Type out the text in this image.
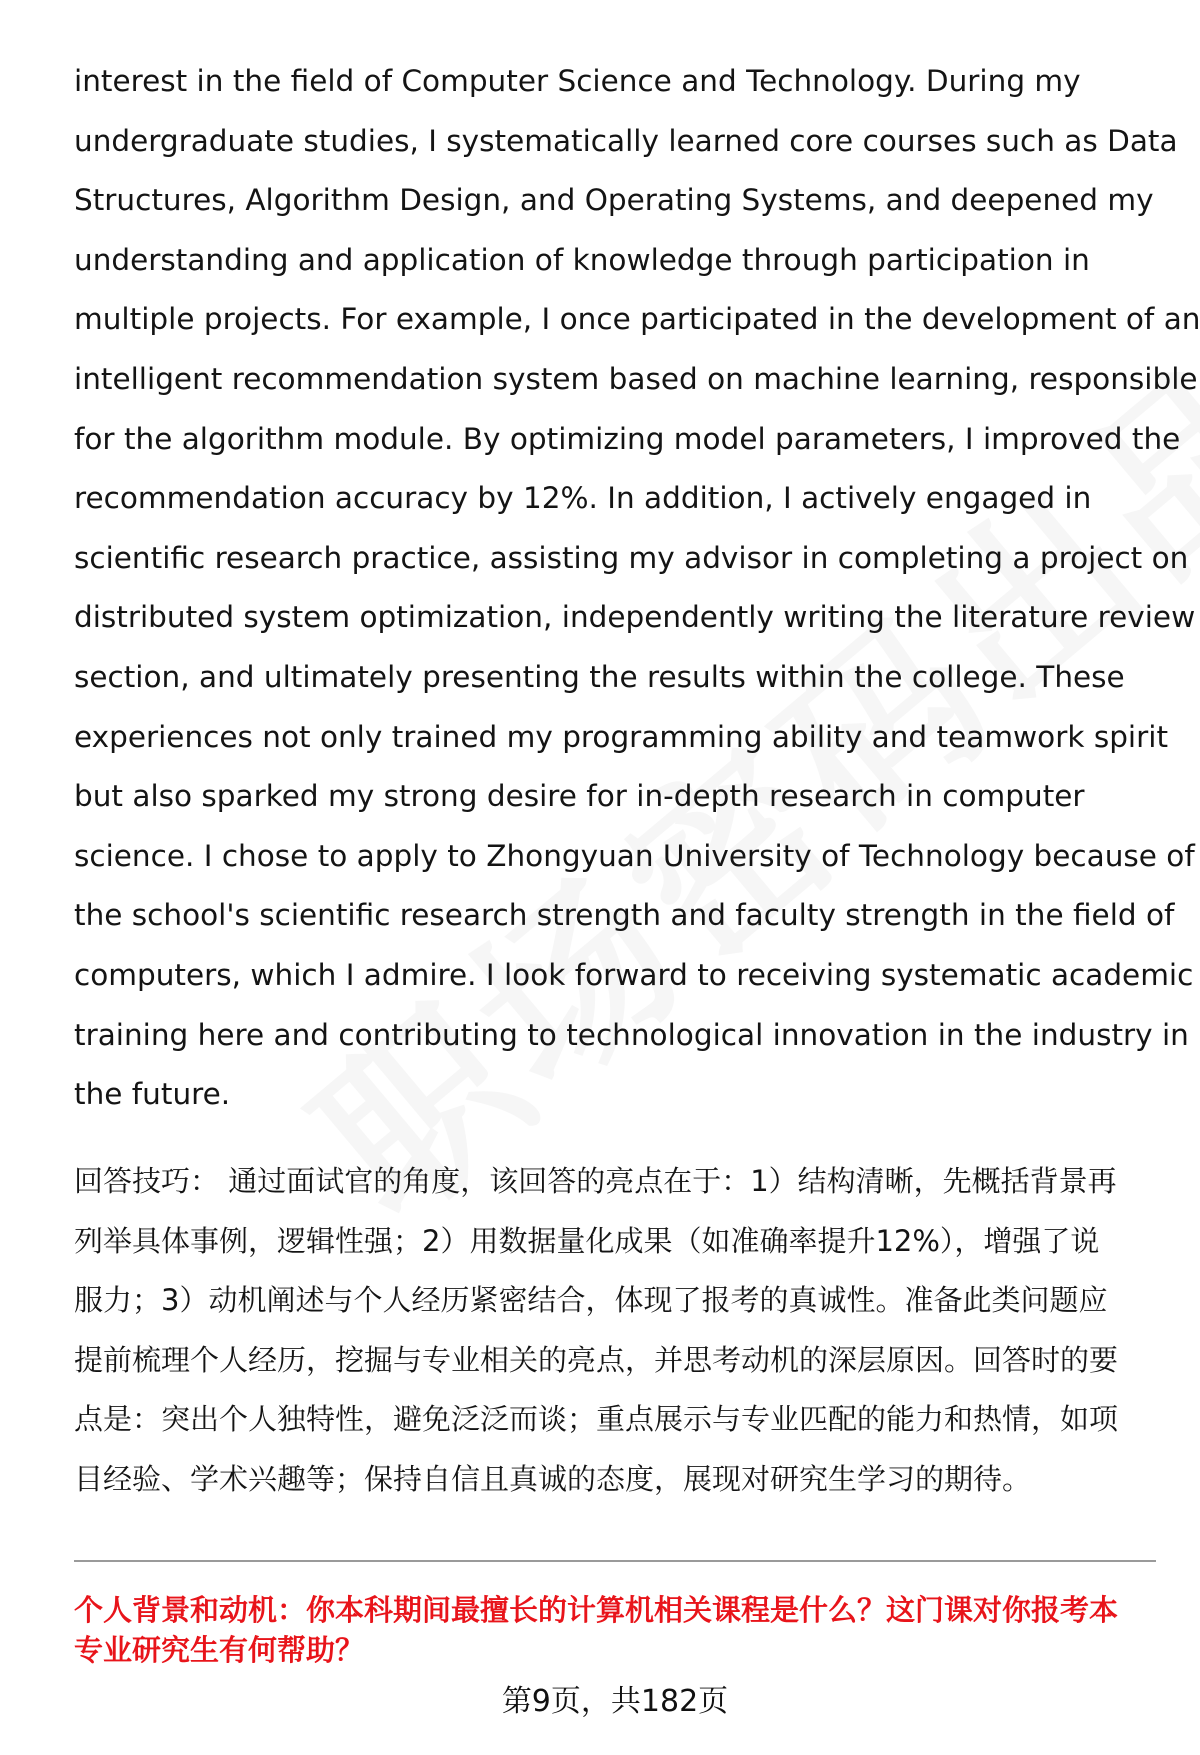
interest in the field of Computer Science and Technology. During my
undergraduate studies, I systematically learned core courses such as Data
Structures, Algorithm Design, and Operating Systems, and deepened my
understanding and application of knowledge through participation in
multiple projects. For example, I once participated in the development of an
intelligent recommendation system based on machine learning, responsible
for the algorithm module. By optimizing model parameters, I improved the
recommendation accuracy by 12%. In addition, I actively engaged in
scientific research practice, assisting my advisor in completing a project on
distributed system optimization, independently writing the literature review
section, and ultimately presenting the results within the college. These
experiences not only trained my programming ability and teamwork spirit
but also sparked my strong desire for in-depth research in computer
science. I chose to apply to Zhongyuan University of Technology because of
the school's scientific research strength and faculty strength in the field of
computers, which I admire. I look forward to receiving systematic academic
training here and contributing to technological innovation in the industry in
the future.
回答技巧： 通过面试官的角度，该回答的亮点在于：1）结构清晰，先概括背景再
列举具体事例，逻辑性强；2）用数据量化成果（如准确率提升12%），增强了说
服力；3）动机阐述与个人经历紧密结合，体现了报考的真诚性。准备此类问题应
提前梳理个人经历，挖掘与专业相关的亮点，并思考动机的深层原因。回答时的要
点是：突出个人独特性，避免泛泛而谈；重点展示与专业匹配的能力和热情，如项
目经验、学术兴趣等；保持自信且真诚的态度，展现对研究生学习的期待。
个人背景和动机：你本科期间最擅长的计算机相关课程是什么？这门课对你报考本
专业研究生有何帮助？
第9页，共182页
